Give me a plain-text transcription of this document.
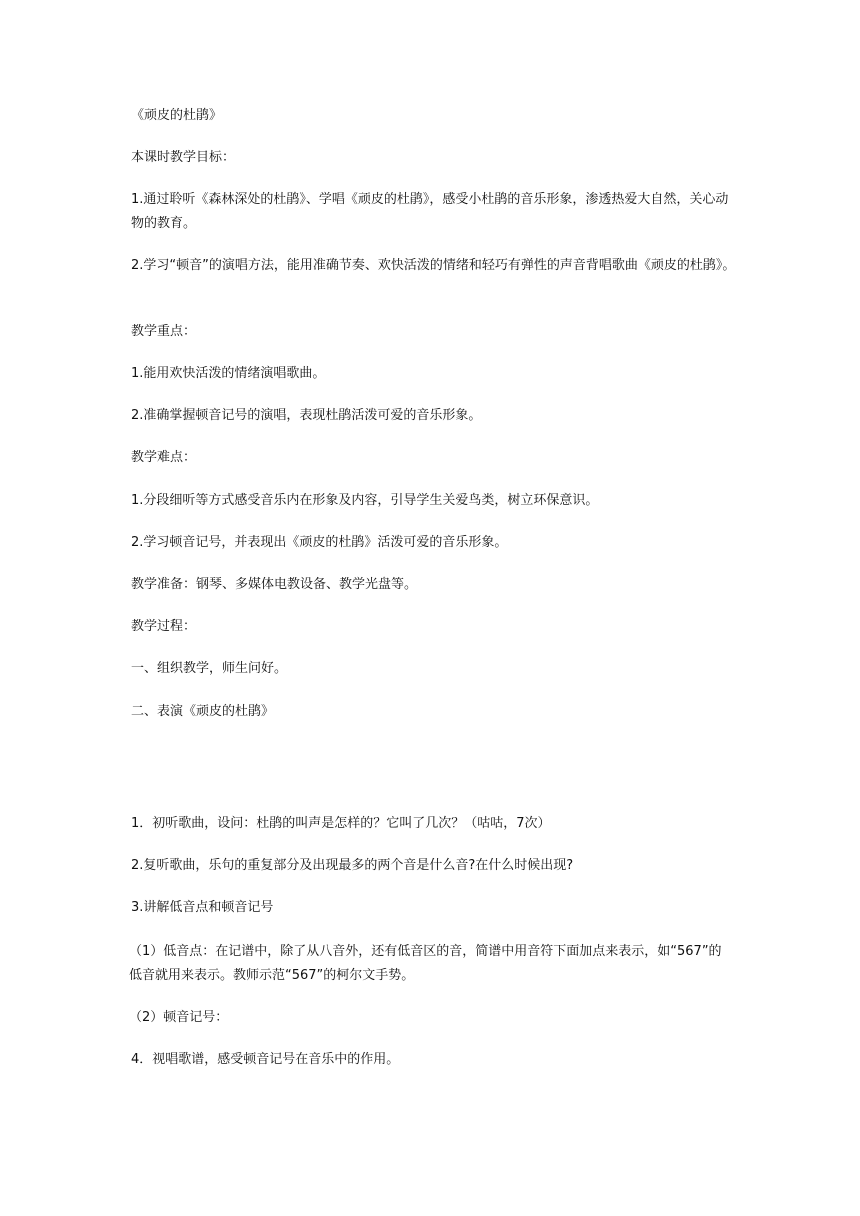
《顽皮的杜鹃》
本课时教学目标：
1.通过聆听《森林深处的杜鹃》、学唱《顽皮的杜鹃》，感受小杜鹃的音乐形象，渗透热爱大自然，关心动物的教育。
2.学习“顿音”的演唱方法，能用准确节奏、欢快活泼的情绪和轻巧有弹性的声音背唱歌曲《顽皮的杜鹃》。
教学重点：
1.能用欢快活泼的情绪演唱歌曲。
2.准确掌握顿音记号的演唱，表现杜鹃活泼可爱的音乐形象。
教学难点：
1.分段细听等方式感受音乐内在形象及内容，引导学生关爱鸟类，树立环保意识。
2.学习顿音记号，并表现出《顽皮的杜鹃》活泼可爱的音乐形象。
教学准备：钢琴、多媒体电教设备、教学光盘等。
教学过程：
一、组织教学，师生问好。
二、表演《顽皮的杜鹃》
1．初听歌曲，设问：杜鹃的叫声是怎样的？它叫了几次？（咕咕，7次）
2.复听歌曲，乐句的重复部分及出现最多的两个音是什么音?在什么时候出现?
3.讲解低音点和顿音记号
（1）低音点：在记谱中，除了从八音外，还有低音区的音，简谱中用音符下面加点来表示，如“567”的低音就用来表示。教师示范“567”的柯尔文手势。
（2）顿音记号：
4．视唱歌谱，感受顿音记号在音乐中的作用。
